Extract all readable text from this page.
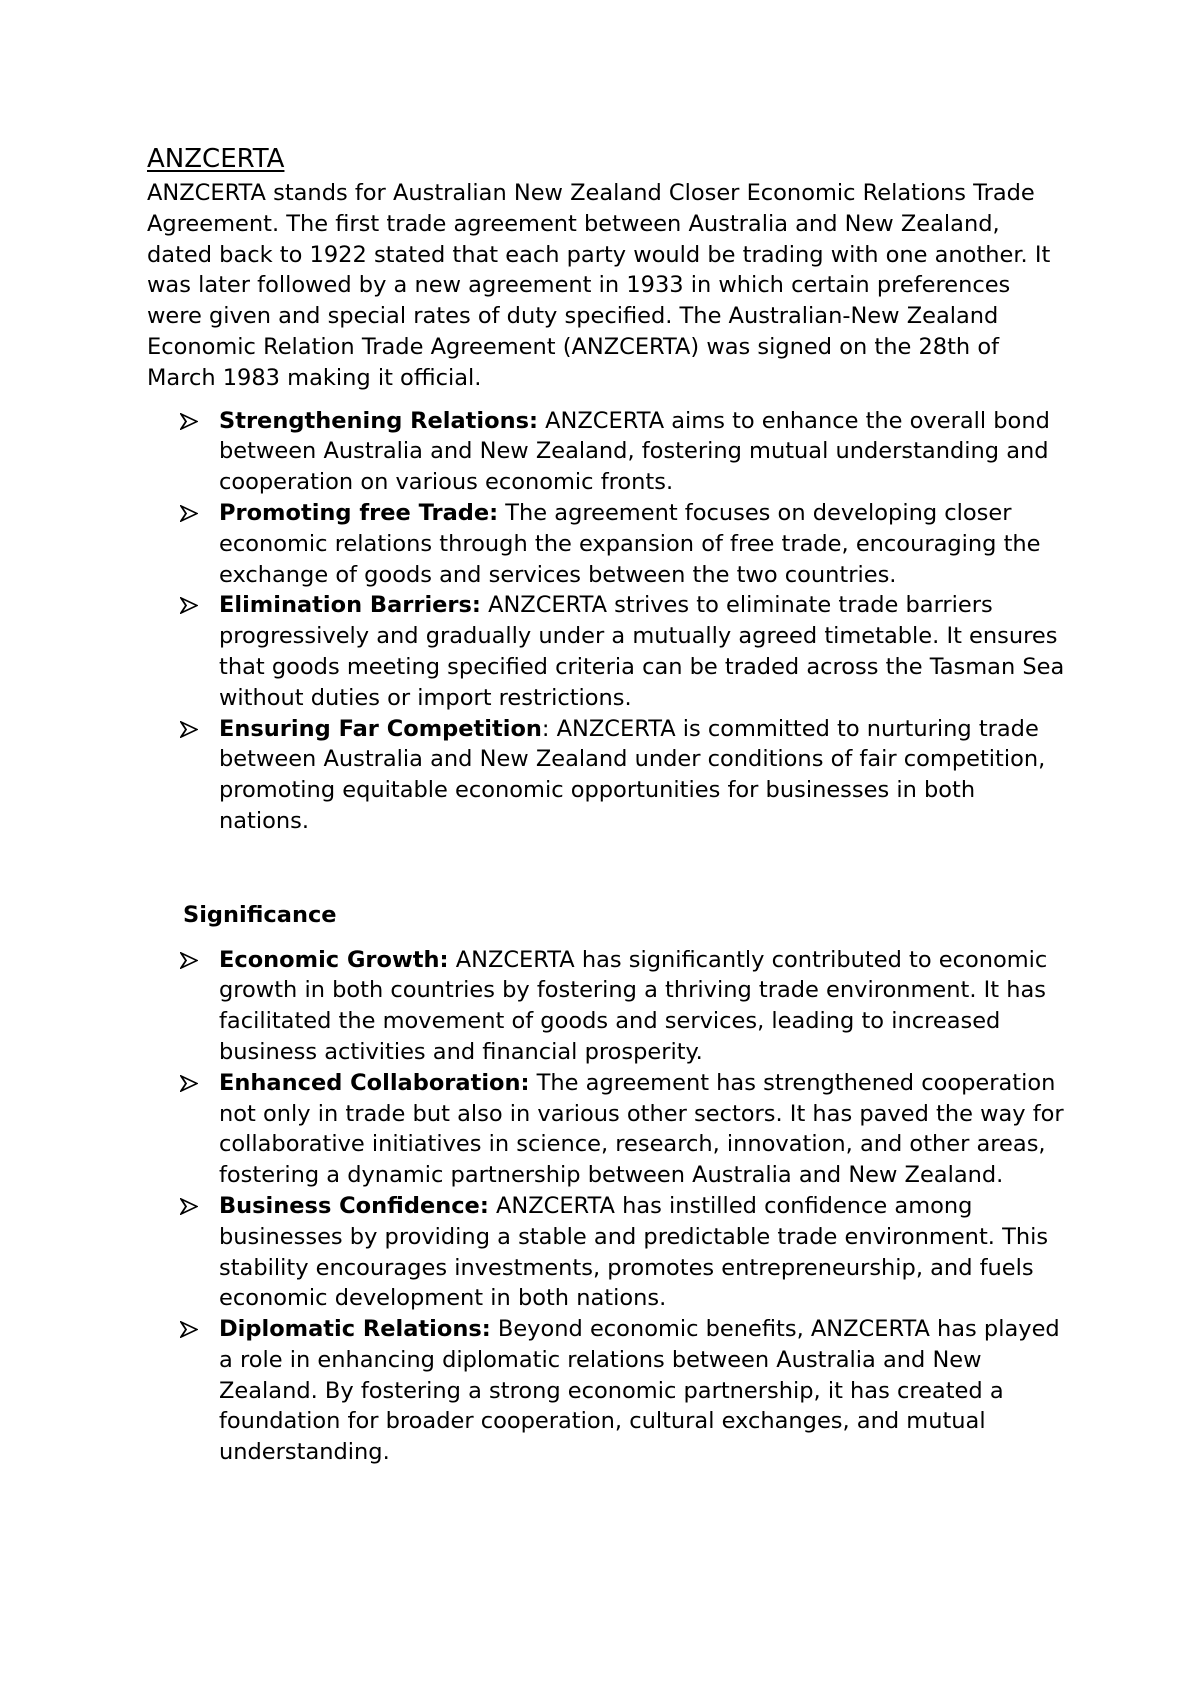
ANZCERTA

ANZCERTA stands for Australian New Zealand Closer Economic Relations Trade Agreement. The first trade agreement between Australia and New Zealand, dated back to 1922 stated that each party would be trading with one another. It was later followed by a new agreement in 1933 in which certain preferences were given and special rates of duty specified. The Australian-New Zealand Economic Relation Trade Agreement (ANZCERTA) was signed on the 28th of March 1983 making it official.

Strengthening Relations: ANZCERTA aims to enhance the overall bond between Australia and New Zealand, fostering mutual understanding and cooperation on various economic fronts.
Promoting free Trade: The agreement focuses on developing closer economic relations through the expansion of free trade, encouraging the exchange of goods and services between the two countries.
Elimination Barriers: ANZCERTA strives to eliminate trade barriers progressively and gradually under a mutually agreed timetable. It ensures that goods meeting specified criteria can be traded across the Tasman Sea without duties or import restrictions.
Ensuring Far Competition: ANZCERTA is committed to nurturing trade between Australia and New Zealand under conditions of fair competition, promoting equitable economic opportunities for businesses in both nations.
Significance
Economic Growth: ANZCERTA has significantly contributed to economic growth in both countries by fostering a thriving trade environment. It has facilitated the movement of goods and services, leading to increased business activities and financial prosperity.
Enhanced Collaboration: The agreement has strengthened cooperation not only in trade but also in various other sectors. It has paved the way for collaborative initiatives in science, research, innovation, and other areas, fostering a dynamic partnership between Australia and New Zealand.
Business Confidence: ANZCERTA has instilled confidence among businesses by providing a stable and predictable trade environment. This stability encourages investments, promotes entrepreneurship, and fuels economic development in both nations.
Diplomatic Relations: Beyond economic benefits, ANZCERTA has played a role in enhancing diplomatic relations between Australia and New Zealand. By fostering a strong economic partnership, it has created a foundation for broader cooperation, cultural exchanges, and mutual understanding.
